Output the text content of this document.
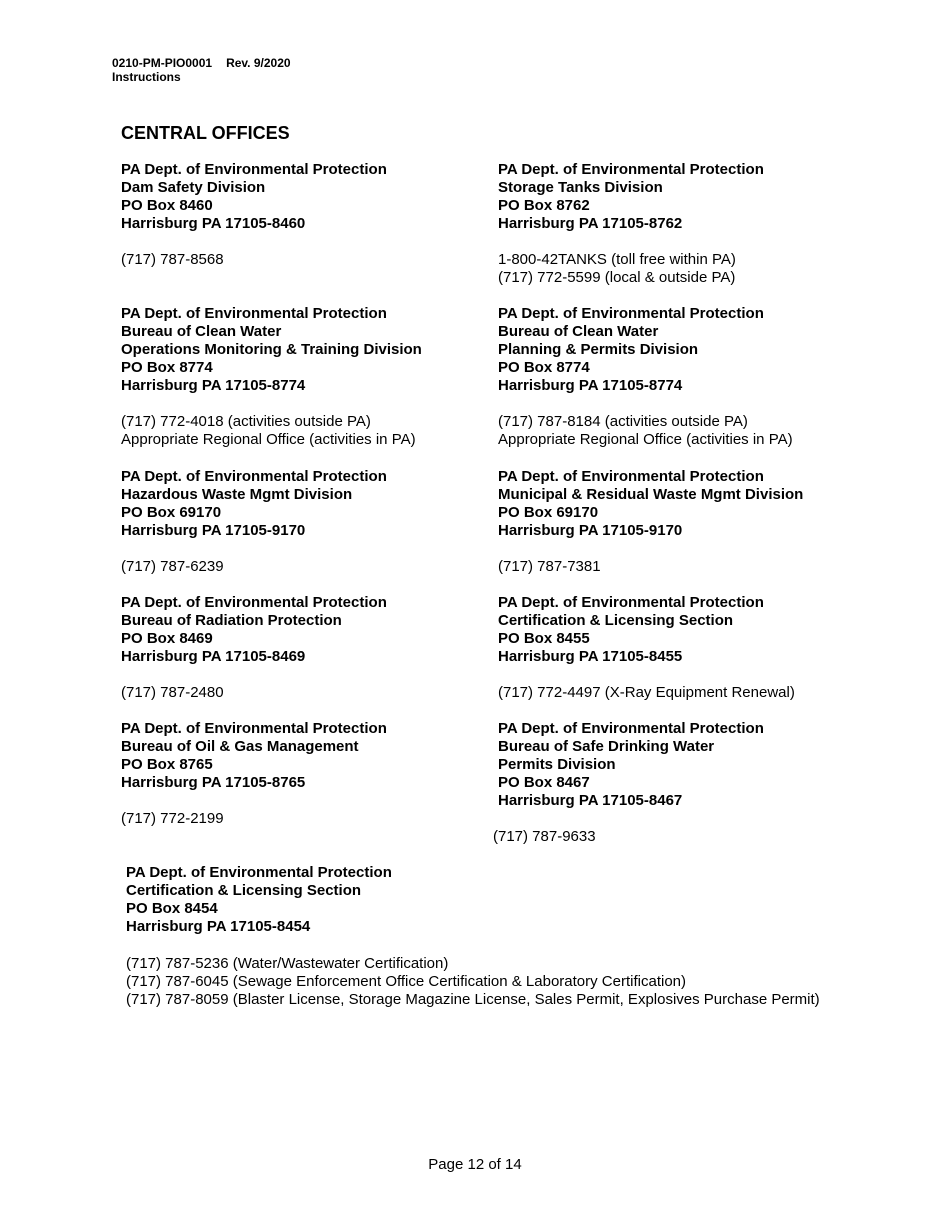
0210-PM-PIO0001 Rev. 9/2020
Instructions
CENTRAL OFFICES
PA Dept. of Environmental Protection
Dam Safety Division
PO Box 8460
Harrisburg PA 17105-8460
(717) 787-8568
PA Dept. of Environmental Protection
Storage Tanks Division
PO Box 8762
Harrisburg PA 17105-8762
1-800-42TANKS (toll free within PA)
(717) 772-5599 (local & outside PA)
PA Dept. of Environmental Protection
Bureau of Clean Water
Operations Monitoring & Training Division
PO Box 8774
Harrisburg PA 17105-8774
(717) 772-4018 (activities outside PA)
Appropriate Regional Office (activities in PA)
PA Dept. of Environmental Protection
Bureau of Clean Water
Planning & Permits Division
PO Box 8774
Harrisburg PA 17105-8774
(717) 787-8184 (activities outside PA)
Appropriate Regional Office (activities in PA)
PA Dept. of Environmental Protection
Hazardous Waste Mgmt Division
PO Box 69170
Harrisburg PA 17105-9170
(717) 787-6239
PA Dept. of Environmental Protection
Municipal & Residual Waste Mgmt Division
PO Box 69170
Harrisburg PA 17105-9170
(717) 787-7381
PA Dept. of Environmental Protection
Bureau of Radiation Protection
PO Box 8469
Harrisburg PA 17105-8469
(717) 787-2480
PA Dept. of Environmental Protection
Certification & Licensing Section
PO Box 8455
Harrisburg PA 17105-8455
(717) 772-4497 (X-Ray Equipment Renewal)
PA Dept. of Environmental Protection
Bureau of Oil & Gas Management
PO Box 8765
Harrisburg PA 17105-8765
(717) 772-2199
PA Dept. of Environmental Protection
Bureau of Safe Drinking Water
Permits Division
PO Box 8467
Harrisburg PA 17105-8467
(717) 787-9633
PA Dept. of Environmental Protection
Certification & Licensing Section
PO Box 8454
Harrisburg PA 17105-8454
(717) 787-5236 (Water/Wastewater Certification)
(717) 787-6045 (Sewage Enforcement Office Certification & Laboratory Certification)
(717) 787-8059 (Blaster License, Storage Magazine License, Sales Permit, Explosives Purchase Permit)
Page 12 of 14
